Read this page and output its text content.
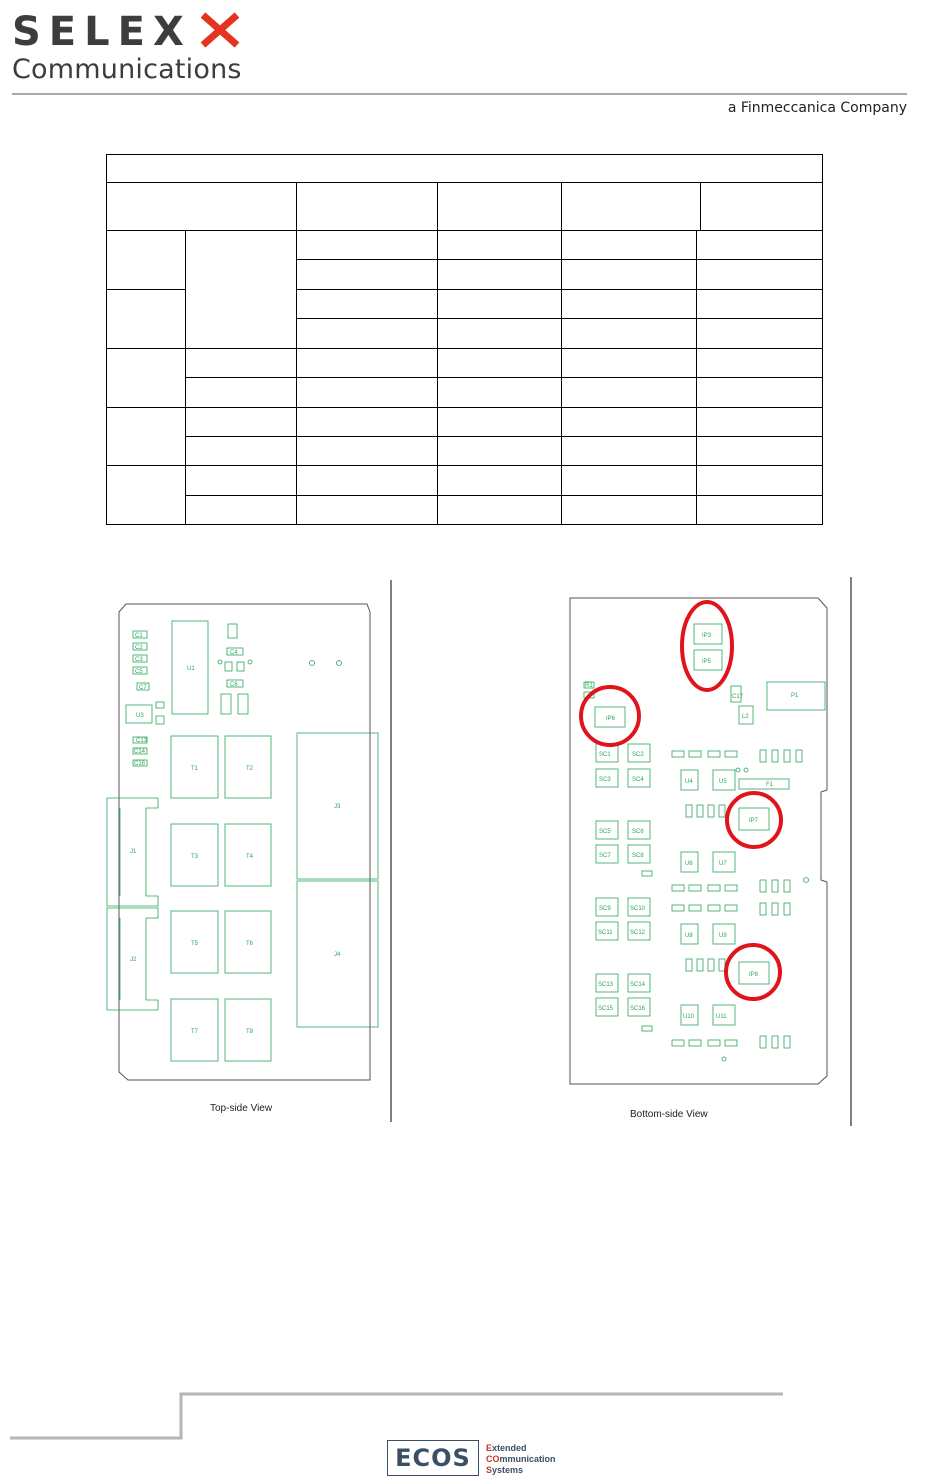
SELEX
Communications
a Finmeccanica Company
C1
C2
C3
C5
C7
C13
C14
C16
U3
C4
C6
U1
T1	T2
T3	T4
T5	T6
T7	T8
J1
J2
J3
J4
Top-side View
IP3
IP5
IP6
IP7
IP8
P1
L2
C17
F1
SC1	SC2
SC3	SC4
SC5	SC6
SC7	SC8
SC9	SC10
SC11	SC12
SC13	SC14
SC15	SC16
U4	U5
U6	U7
U8	U9
U10	U11
R1
Bottom-side View
ECOS Extended
COmmunication
Systems
